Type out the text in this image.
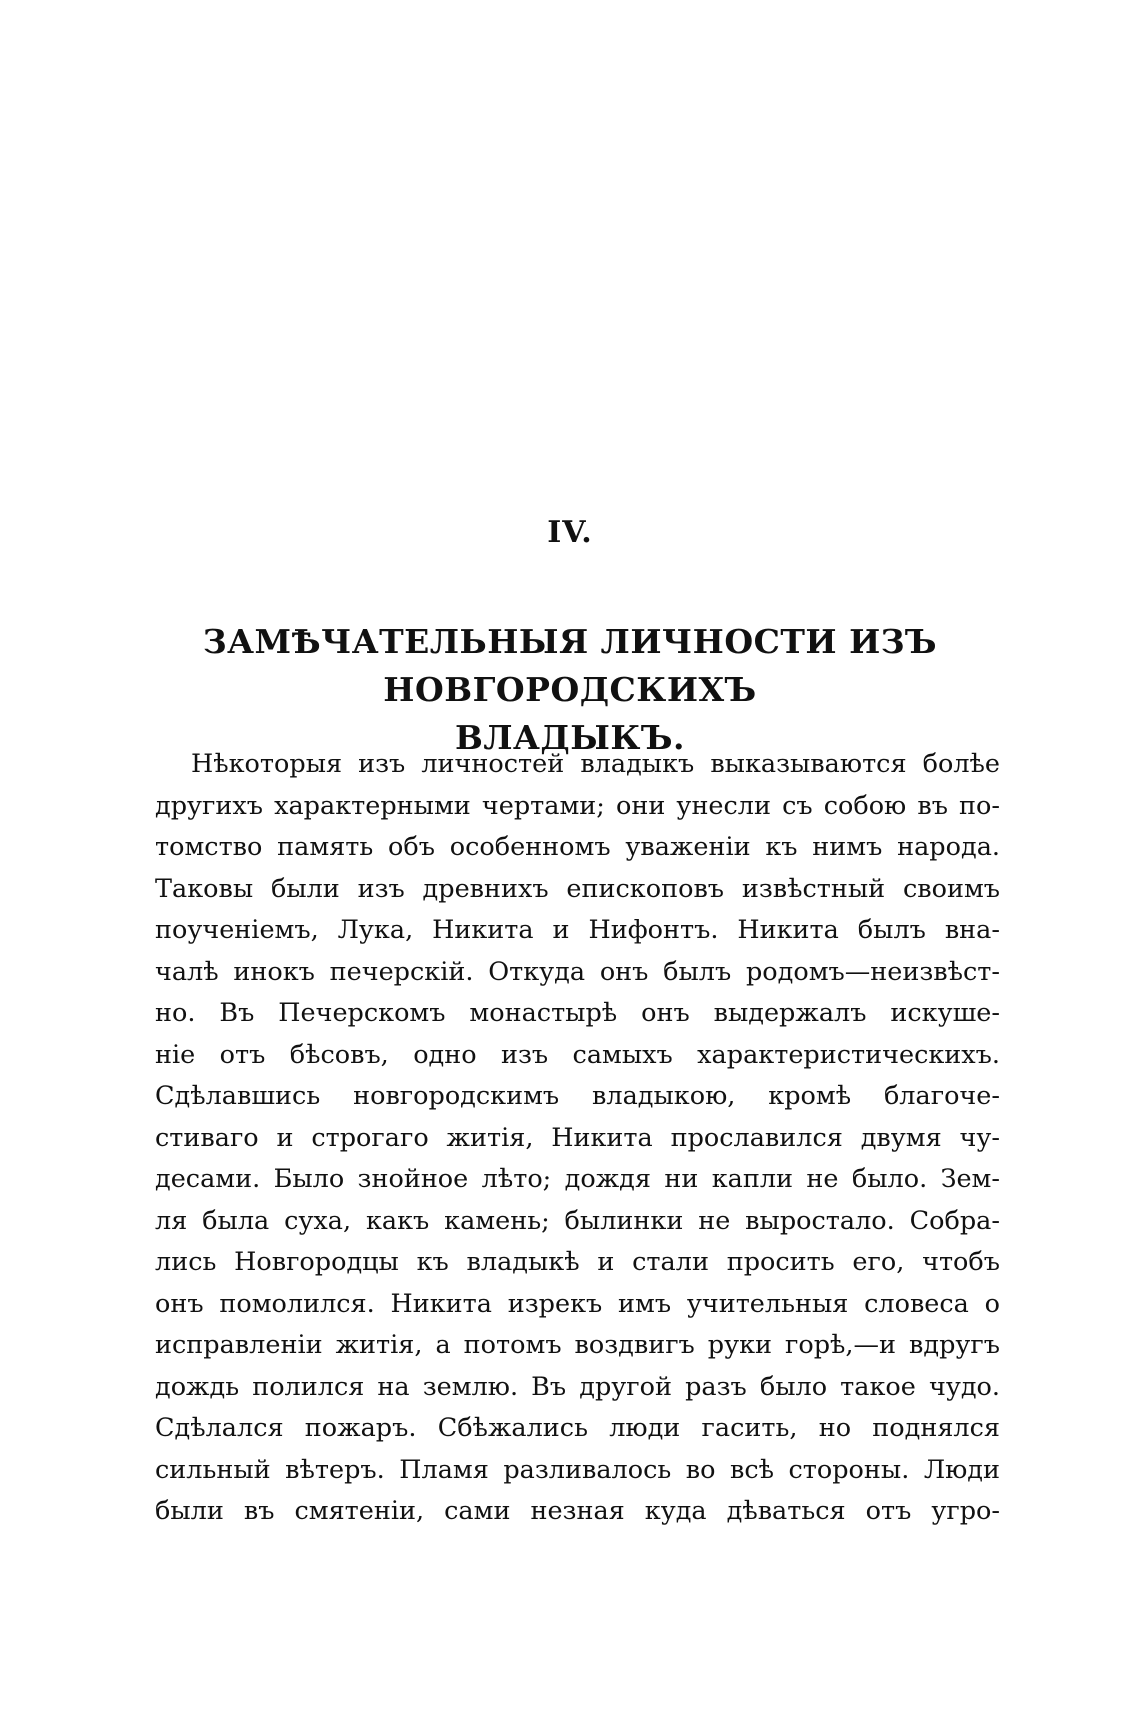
IV.
ЗАМѢЧАТЕЛЬНЫЯ ЛИЧНОСТИ ИЗЪ НОВГОРОДСКИХЪ
ВЛАДЫКЪ.
Нѣкоторыя изъ личностей владыкъ выказываются болѣе
другихъ характерными чертами; они унесли съ собою въ по-
томство память объ особенномъ уваженіи къ нимъ народа.
Таковы были изъ древнихъ епископовъ извѣстный своимъ
поученіемъ, Лука, Никита и Нифонтъ. Никита былъ вна-
чалѣ инокъ печерскій. Откуда онъ былъ родомъ—неизвѣст-
но. Въ Печерскомъ монастырѣ онъ выдержалъ искуше-
ніе отъ бѣсовъ, одно изъ самыхъ характеристическихъ.
Сдѣлавшись новгородскимъ владыкою, кромѣ благоче-
стиваго и строгаго житія, Никита прославился двумя чу-
десами. Было знойное лѣто; дождя ни капли не было. Зем-
ля была суха, какъ камень; былинки не выростало. Собра-
лись Новгородцы къ владыкѣ и стали просить его, чтобъ
онъ помолился. Никита изрекъ имъ учительныя словеса о
исправленіи житія, а потомъ воздвигъ руки горѣ,—и вдругъ
дождь полился на землю. Въ другой разъ было такое чудо.
Сдѣлался пожаръ. Сбѣжались люди гасить, но поднялся
сильный вѣтеръ. Пламя разливалось во всѣ стороны. Люди
были въ смятеніи, сами незная куда дѣваться отъ угро-
